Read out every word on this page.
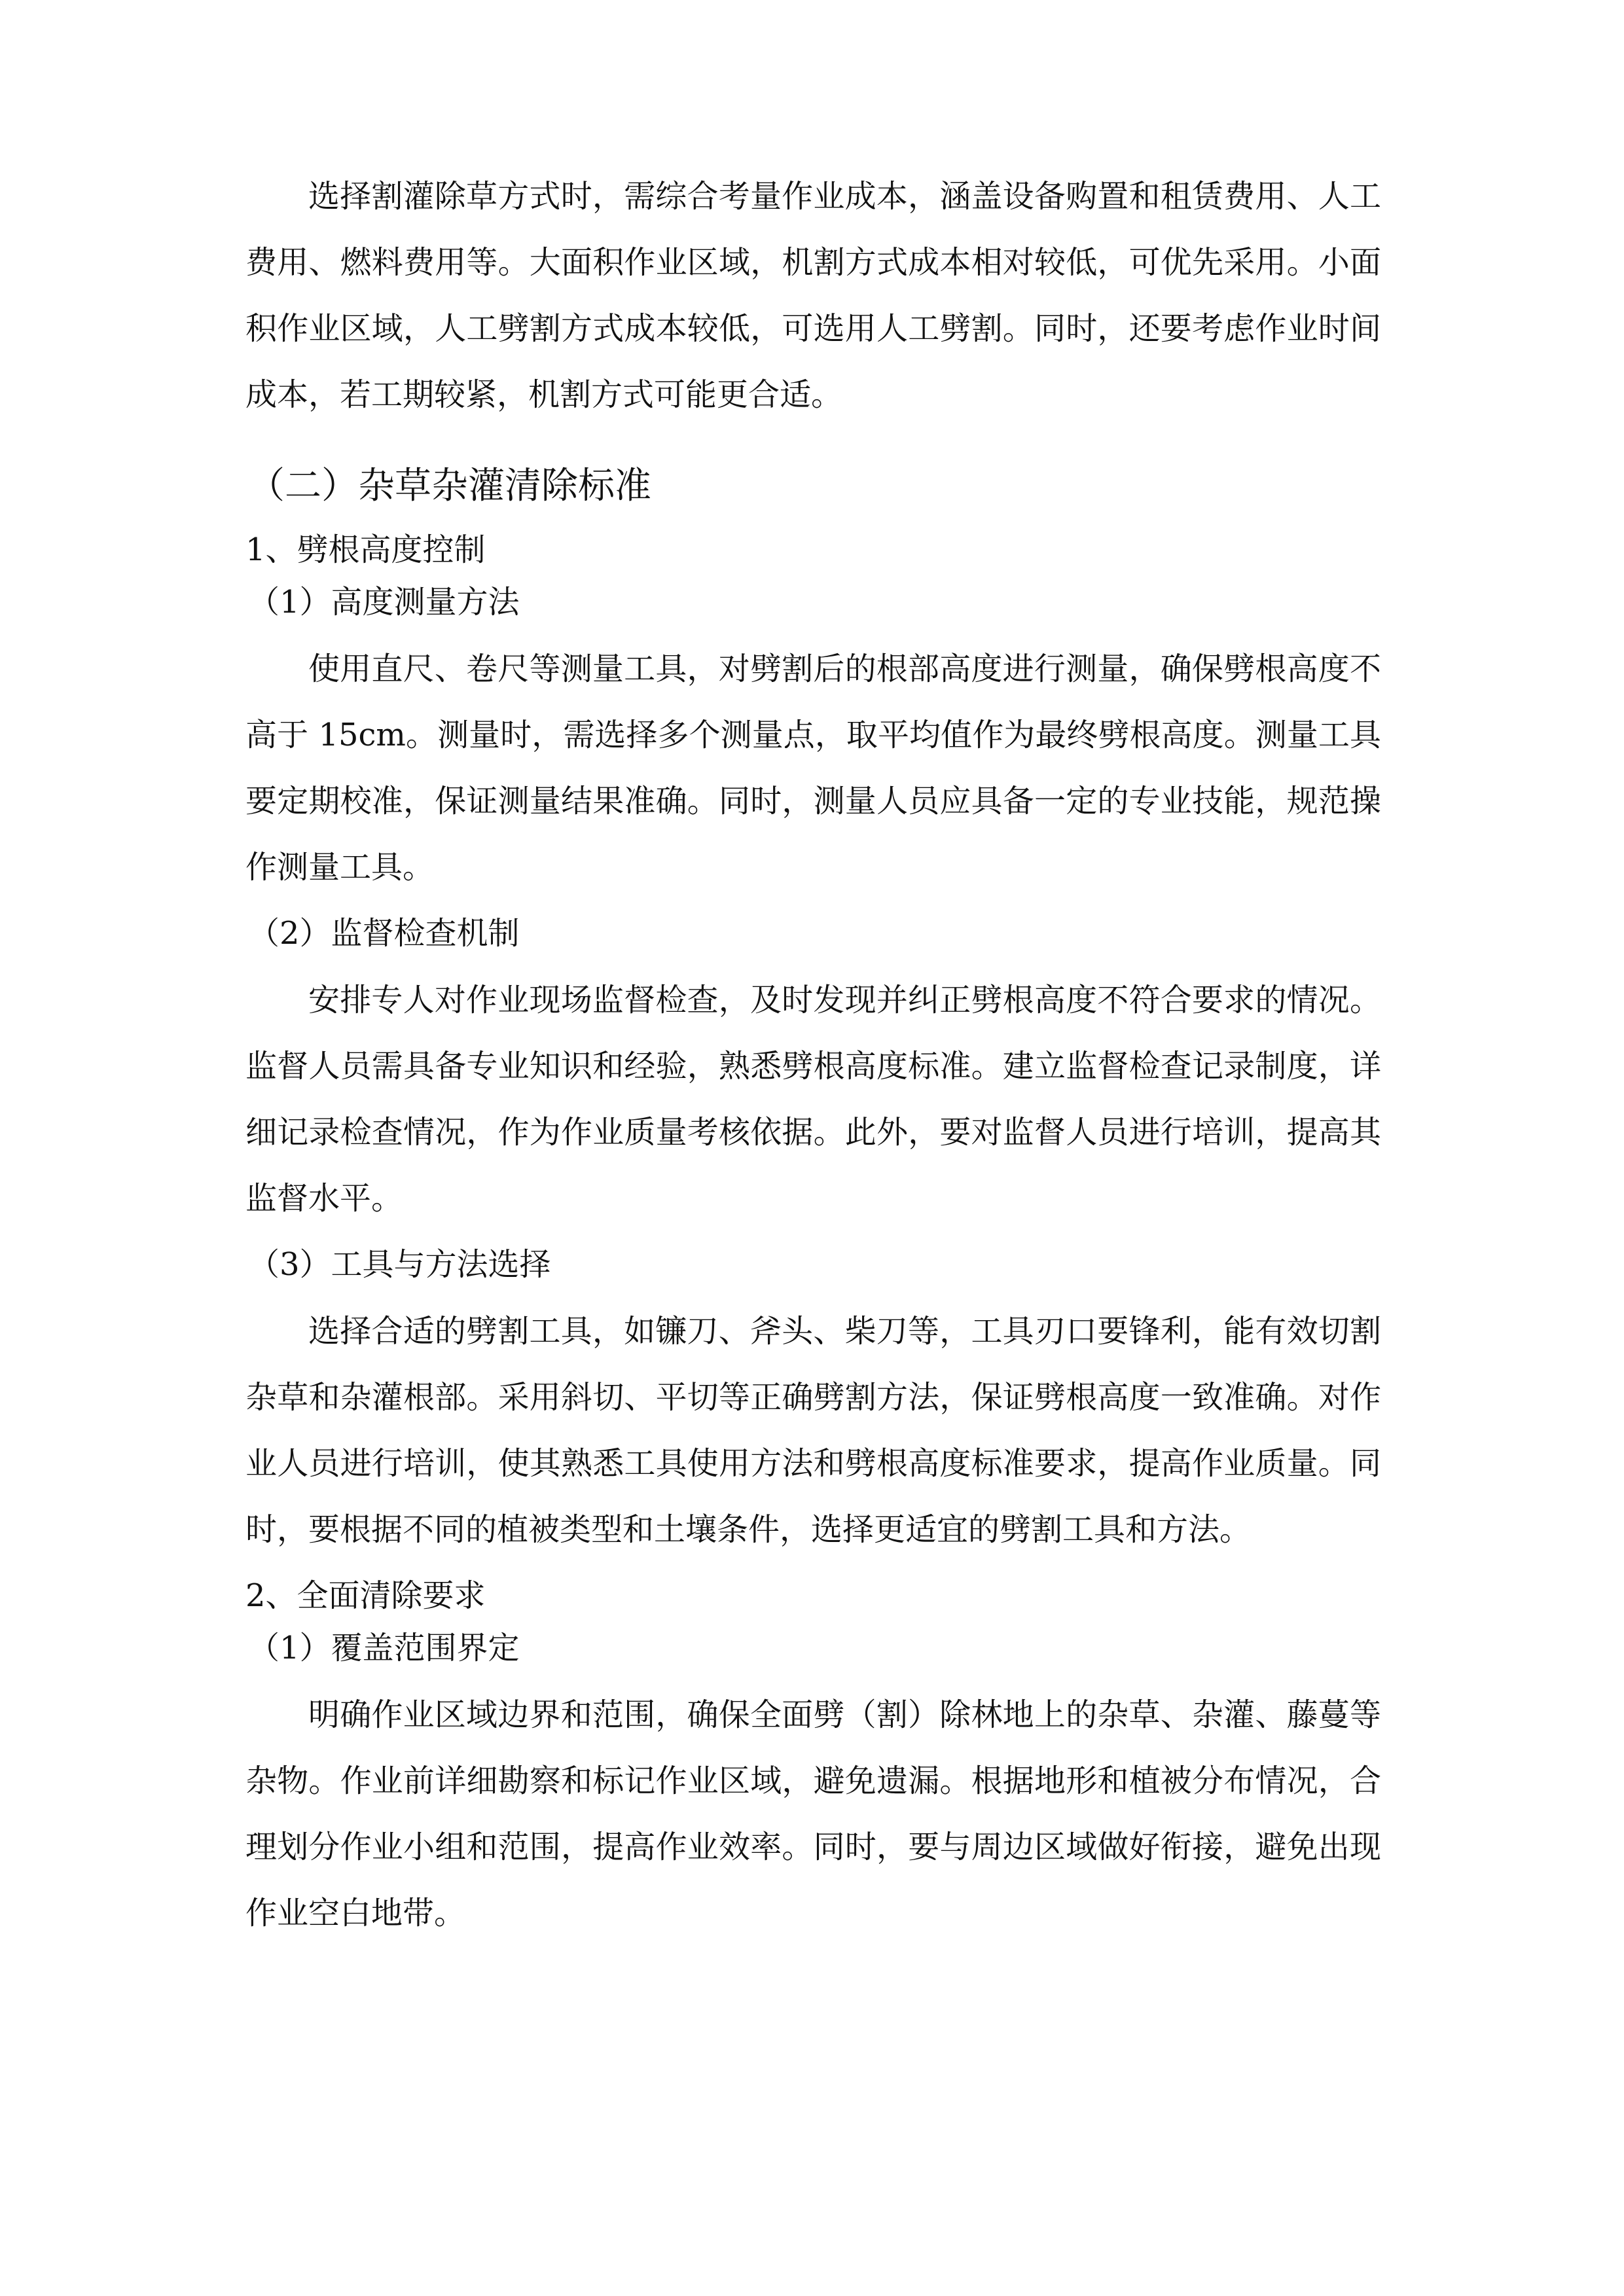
选择割灌除草方式时，需综合考量作业成本，涵盖设备购置和租赁费用、人工费用、燃料费用等。大面积作业区域，机割方式成本相对较低，可优先采用。小面积作业区域，人工劈割方式成本较低，可选用人工劈割。同时，还要考虑作业时间成本，若工期较紧，机割方式可能更合适。

（二）杂草杂灌清除标准
1、劈根高度控制
（1）高度测量方法

使用直尺、卷尺等测量工具，对劈割后的根部高度进行测量，确保劈根高度不高于 15cm。测量时，需选择多个测量点，取平均值作为最终劈根高度。测量工具要定期校准，保证测量结果准确。同时，测量人员应具备一定的专业技能，规范操作测量工具。

（2）监督检查机制

安排专人对作业现场监督检查，及时发现并纠正劈根高度不符合要求的情况。监督人员需具备专业知识和经验，熟悉劈根高度标准。建立监督检查记录制度，详细记录检查情况，作为作业质量考核依据。此外，要对监督人员进行培训，提高其监督水平。

（3）工具与方法选择

选择合适的劈割工具，如镰刀、斧头、柴刀等，工具刃口要锋利，能有效切割杂草和杂灌根部。采用斜切、平切等正确劈割方法，保证劈根高度一致准确。对作业人员进行培训，使其熟悉工具使用方法和劈根高度标准要求，提高作业质量。同时，要根据不同的植被类型和土壤条件，选择更适宜的劈割工具和方法。

2、全面清除要求
（1）覆盖范围界定

明确作业区域边界和范围，确保全面劈（割）除林地上的杂草、杂灌、藤蔓等杂物。作业前详细勘察和标记作业区域，避免遗漏。根据地形和植被分布情况，合理划分作业小组和范围，提高作业效率。同时，要与周边区域做好衔接，避免出现作业空白地带。
